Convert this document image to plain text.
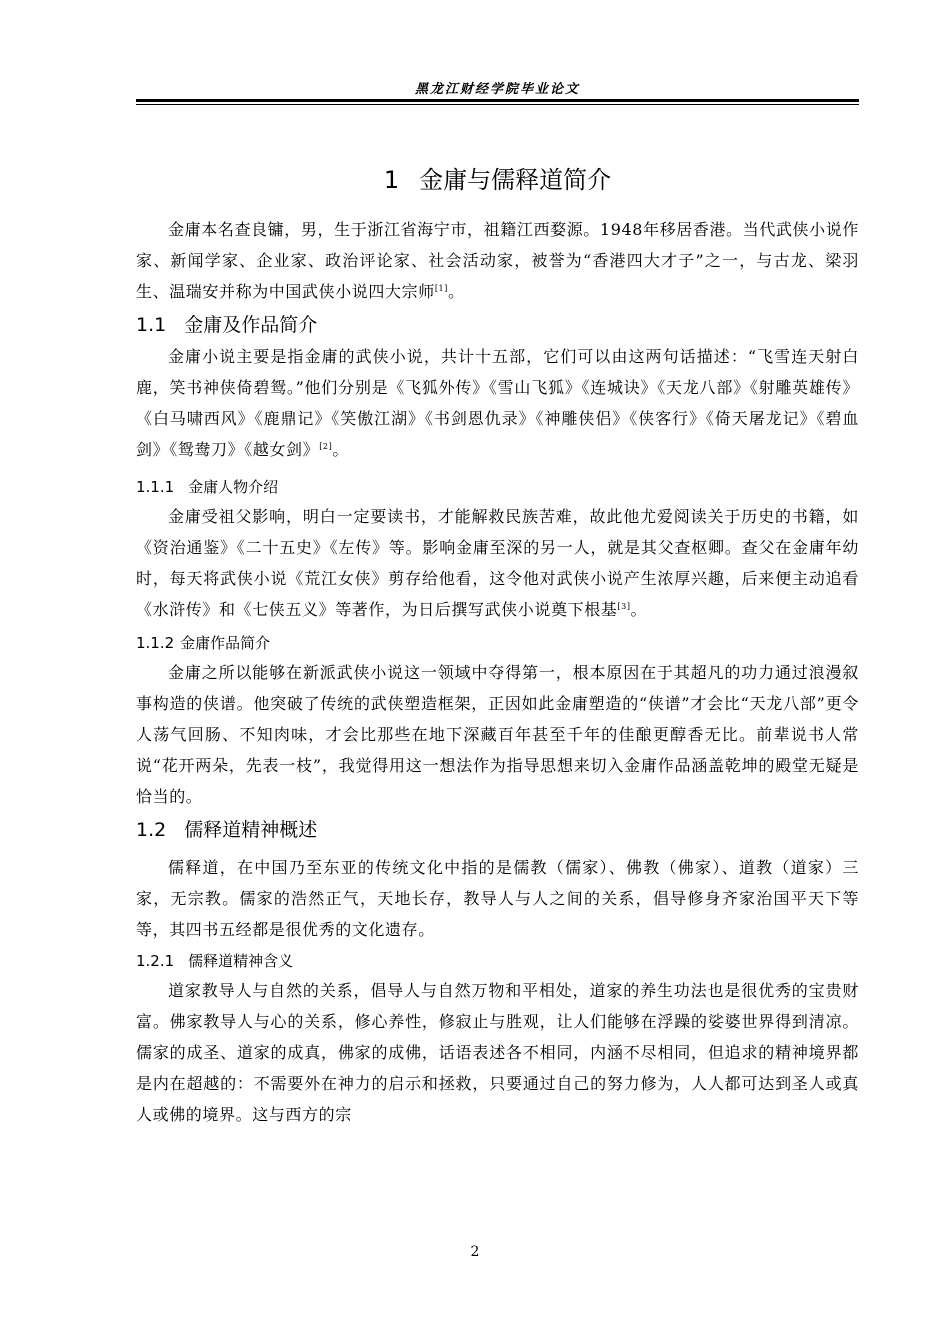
黑龙江财经学院毕业论文
1 金庸与儒释道简介

金庸本名查良镛，男，生于浙江省海宁市，祖籍江西婺源。1948年移居香港。当代武侠小说作家、新闻学家、企业家、政治评论家、社会活动家，被誉为“香港四大才子”之一，与古龙、梁羽生、温瑞安并称为中国武侠小说四大宗师[1]。

1.1 金庸及作品简介

金庸小说主要是指金庸的武侠小说，共计十五部，它们可以由这两句话描述：“飞雪连天射白鹿，笑书神侠倚碧鸳。”他们分别是《飞狐外传》《雪山飞狐》《连城诀》《天龙八部》《射雕英雄传》《白马啸西风》《鹿鼎记》《笑傲江湖》《书剑恩仇录》《神雕侠侣》《侠客行》《倚天屠龙记》《碧血剑》《鸳鸯刀》《越女剑》[2]。

1.1.1 金庸人物介绍

金庸受祖父影响，明白一定要读书，才能解救民族苦难，故此他尤爱阅读关于历史的书籍，如《资治通鉴》《二十五史》《左传》等。影响金庸至深的另一人，就是其父查枢卿。查父在金庸年幼时，每天将武侠小说《荒江女侠》剪存给他看，这令他对武侠小说产生浓厚兴趣，后来便主动追看《水浒传》和《七侠五义》等著作，为日后撰写武侠小说奠下根基[3]。

1.1.2 金庸作品简介

金庸之所以能够在新派武侠小说这一领域中夺得第一，根本原因在于其超凡的功力通过浪漫叙事构造的侠谱。他突破了传统的武侠塑造框架，正因如此金庸塑造的“侠谱”才会比“天龙八部”更令人荡气回肠、不知肉味，才会比那些在地下深藏百年甚至千年的佳酿更醇香无比。前辈说书人常说“花开两朵，先表一枝”，我觉得用这一想法作为指导思想来切入金庸作品涵盖乾坤的殿堂无疑是恰当的。

1.2 儒释道精神概述

儒释道，在中国乃至东亚的传统文化中指的是儒教（儒家）、佛教（佛家）、道教（道家）三家，无宗教。儒家的浩然正气，天地长存，教导人与人之间的关系，倡导修身齐家治国平天下等等，其四书五经都是很优秀的文化遗存。

1.2.1 儒释道精神含义

道家教导人与自然的关系，倡导人与自然万物和平相处，道家的养生功法也是很优秀的宝贵财富。佛家教导人与心的关系，修心养性，修寂止与胜观，让人们能够在浮躁的娑婆世界得到清凉。儒家的成圣、道家的成真，佛家的成佛，话语表述各不相同，内涵不尽相同，但追求的精神境界都是内在超越的：不需要外在神力的启示和拯救，只要通过自己的努力修为，人人都可达到圣人或真人或佛的境界。这与西方的宗

2
